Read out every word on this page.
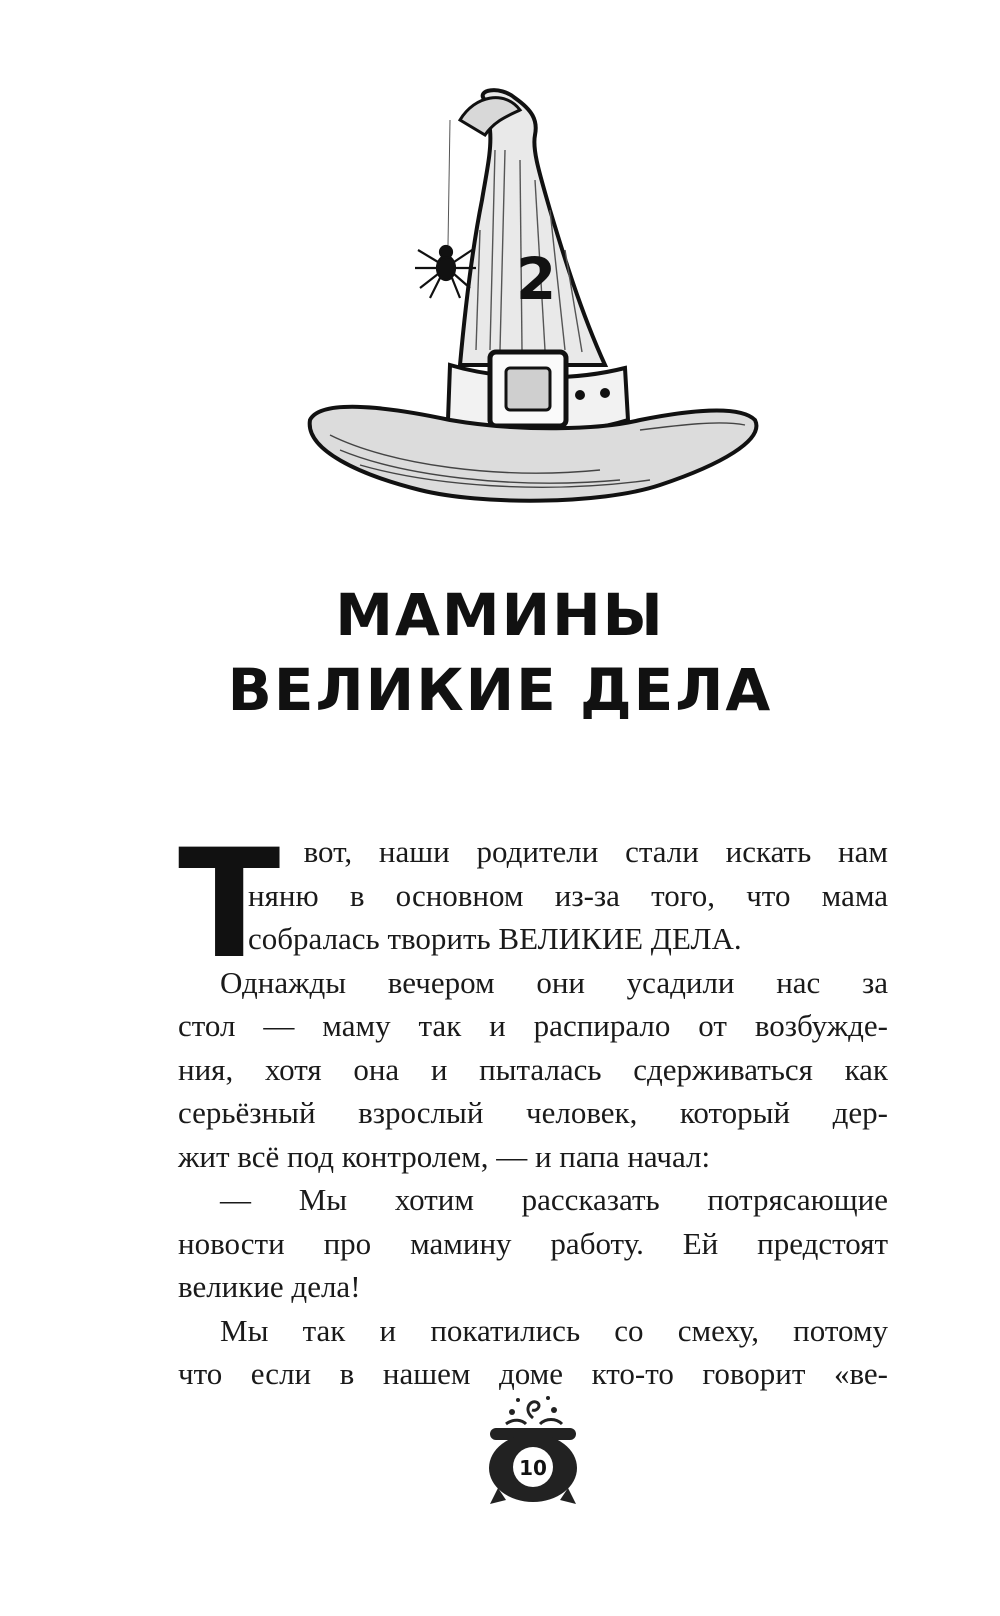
2
МАМИНЫ
ВЕЛИКИЕ ДЕЛА
Т
ак вот, наши родители стали искать нам
няню в основном из-за того, что мама
собралась творить ВЕЛИКИЕ ДЕЛА.
Однажды вечером они усадили нас за
стол — маму так и распирало от возбужде-
ния, хотя она и пыталась сдерживаться как
серьёзный взрослый человек, который дер-
жит всё под контролем, — и папа начал:
— Мы хотим рассказать потрясающие
новости про мамину работу. Ей предстоят
великие дела!
Мы так и покатились со смеху, потому
что если в нашем доме кто-то говорит «ве-
10
